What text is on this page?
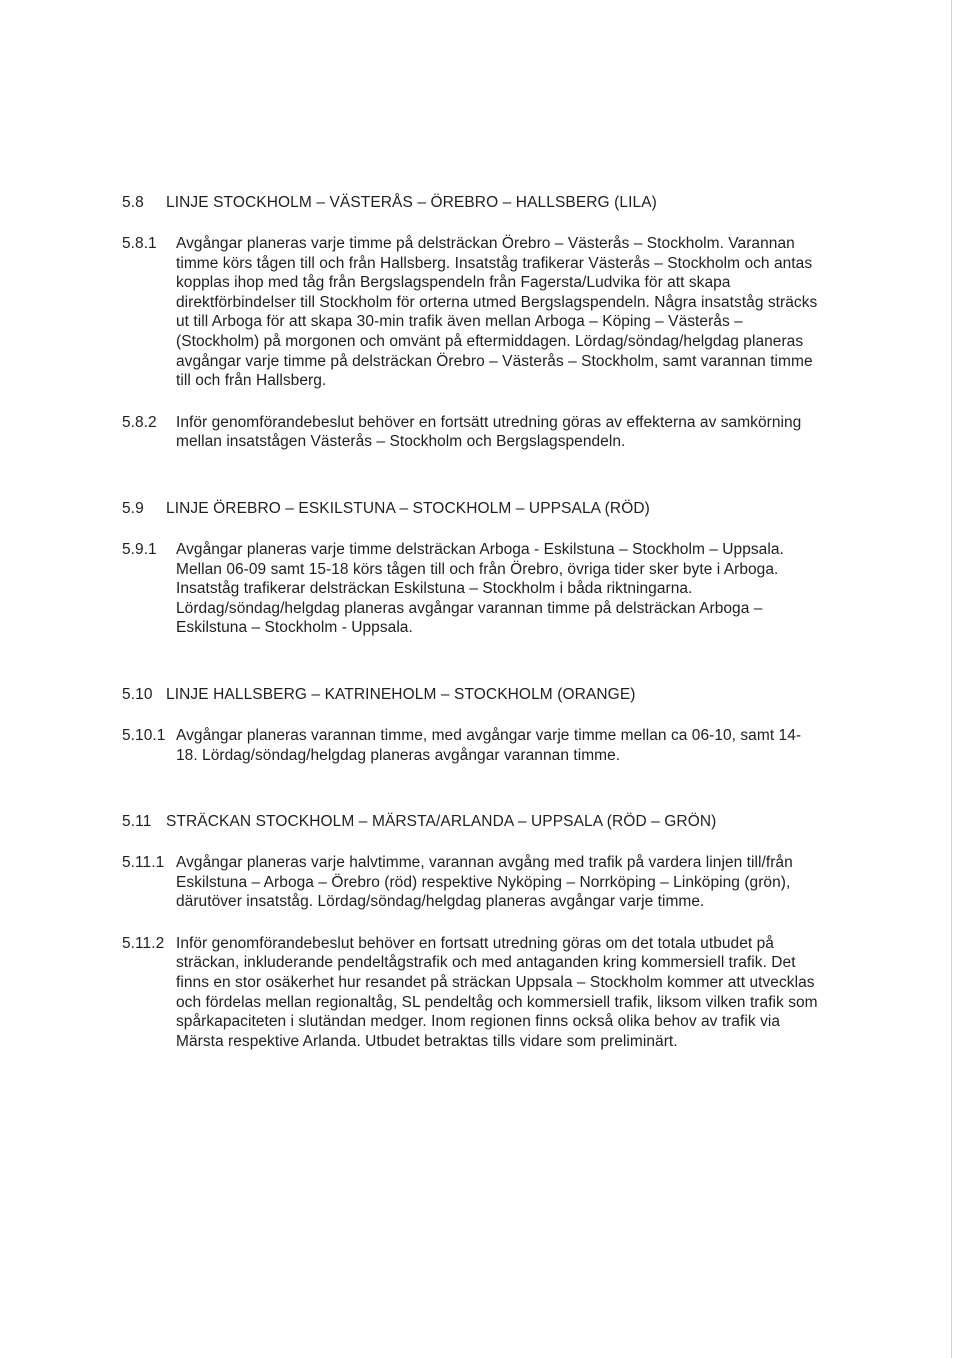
5.8	LINJE STOCKHOLM – VÄSTERÅS – ÖREBRO – HALLSBERG (LILA)
5.8.1	Avgångar planeras varje timme på delsträckan Örebro – Västerås – Stockholm. Varannan timme körs tågen till och från Hallsberg. Insatståg trafikerar Västerås – Stockholm och antas kopplas ihop med tåg från Bergslagspendeln från Fagersta/Ludvika för att skapa direktförbindelser till Stockholm för orterna utmed Bergslagspendeln. Några insatståg sträcks ut till Arboga för att skapa 30-min trafik även mellan Arboga – Köping – Västerås – (Stockholm) på morgonen och omvänt på eftermiddagen. Lördag/söndag/helgdag planeras avgångar varje timme på delsträckan Örebro – Västerås – Stockholm, samt varannan timme till och från Hallsberg.
5.8.2	Inför genomförandebeslut behöver en fortsätt utredning göras av effekterna av samkörning mellan insatstågen Västerås – Stockholm och Bergslagspendeln.
5.9	LINJE ÖREBRO – ESKILSTUNA – STOCKHOLM – UPPSALA (RÖD)
5.9.1	Avgångar planeras varje timme delsträckan Arboga - Eskilstuna – Stockholm – Uppsala. Mellan 06-09 samt 15-18 körs tågen till och från Örebro, övriga tider sker byte i Arboga. Insatståg trafikerar delsträckan Eskilstuna – Stockholm i båda riktningarna. Lördag/söndag/helgdag planeras avgångar varannan timme på delsträckan Arboga – Eskilstuna – Stockholm - Uppsala.
5.10 LINJE HALLSBERG – KATRINEHOLM – STOCKHOLM (ORANGE)
5.10.1 Avgångar planeras varannan timme, med avgångar varje timme mellan ca 06-10, samt 14-18. Lördag/söndag/helgdag planeras avgångar varannan timme.
5.11 STRÄCKAN STOCKHOLM – MÄRSTA/ARLANDA – UPPSALA (RÖD – GRÖN)
5.11.1 Avgångar planeras varje halvtimme, varannan avgång med trafik på vardera linjen till/från Eskilstuna – Arboga – Örebro (röd) respektive Nyköping – Norrköping – Linköping (grön), därutöver insatståg. Lördag/söndag/helgdag planeras avgångar varje timme.
5.11.2 Inför genomförandebeslut behöver en fortsatt utredning göras om det totala utbudet på sträckan, inkluderande pendeltågstrafik och med antaganden kring kommersiell trafik. Det finns en stor osäkerhet hur resandet på sträckan Uppsala – Stockholm kommer att utvecklas och fördelas mellan regionaltåg, SL pendeltåg och kommersiell trafik, liksom vilken trafik som spårkapaciteten i slutändan medger. Inom regionen finns också olika behov av trafik via Märsta respektive Arlanda. Utbudet betraktas tills vidare som preliminärt.
